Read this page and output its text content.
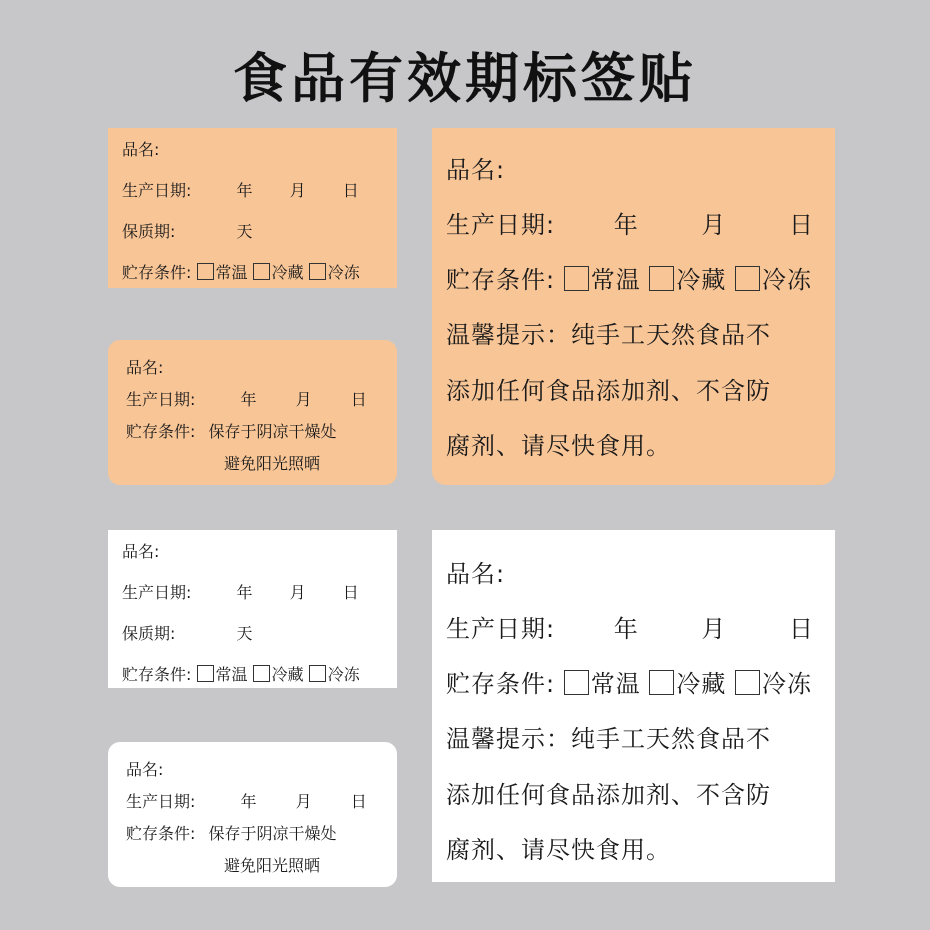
食品有效期标签贴
品名:
生产日期:	年 月 日
保质期:	天
贮存条件: 常温 冷藏 冷冻
品名:
生产日期:	年 月 日
贮存条件: 保存于阴凉干燥处
避免阳光照晒
品名:
生产日期: 年	月	日
贮存条件: 常温 冷藏 冷冻
温馨提示：纯手工天然食品不
添加任何食品添加剂、不含防
腐剂、请尽快食用。
品名:
生产日期:	年 月 日
保质期:	天
贮存条件: 常温 冷藏 冷冻
品名:
生产日期:	年 月 日
贮存条件: 保存于阴凉干燥处
避免阳光照晒
品名:
生产日期: 年	月	日
贮存条件: 常温 冷藏 冷冻
温馨提示：纯手工天然食品不
添加任何食品添加剂、不含防
腐剂、请尽快食用。
